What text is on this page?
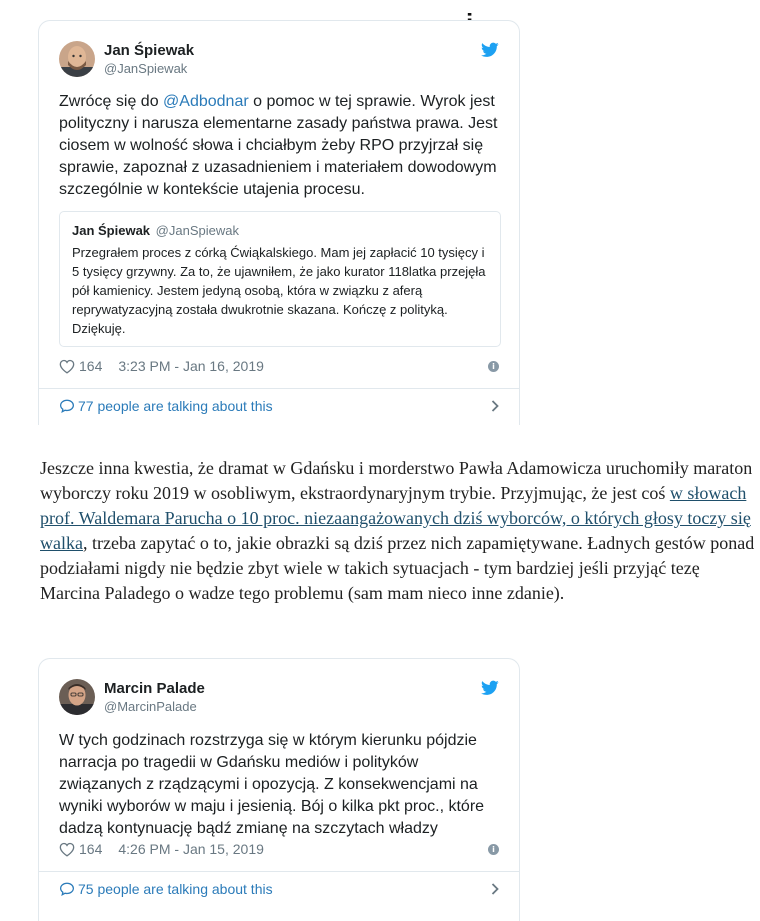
Jan Śpiewak
@JanSpiewak
Zwrócę się do @Adbodnar o pomoc w tej sprawie. Wyrok jest polityczny i narusza elementarne zasady państwa prawa. Jest ciosem w wolność słowa i chciałbym żeby RPO przyjrzał się sprawie, zapoznał z uzasadnieniem i materiałem dowodowym szczególnie w kontekście utajenia procesu.
Jan Śpiewak @JanSpiewak
Przegrałem proces z córką Ćwiąkalskiego. Mam jej zapłacić 10 tysięcy i 5 tysięcy grzywny. Za to, że ujawniłem, że jako kurator 118latka przejęła pół kamienicy. Jestem jedyną osobą, która w związku z aferą reprywatyzacyjną została dwukrotnie skazana. Kończę z polityką. Dziękuję.
164 3:23 PM - Jan 16, 2019	i
77 people are talking about this
Jeszcze inna kwestia, że dramat w Gdańsku i morderstwo Pawła Adamowicza uruchomiły maraton wyborczy roku 2019 w osobliwym, ekstraordynaryjnym trybie. Przyjmując, że jest coś w słowach prof. Waldemara Parucha o 10 proc. niezaangażowanych dziś wyborców, o których głosy toczy się walka, trzeba zapytać o to, jakie obrazki są dziś przez nich zapamiętywane. Ładnych gestów ponad podziałami nigdy nie będzie zbyt wiele w takich sytuacjach - tym bardziej jeśli przyjąć tezę Marcina Paladego o wadze tego problemu (sam mam nieco inne zdanie).
Marcin Palade
@MarcinPalade
W tych godzinach rozstrzyga się w którym kierunku pójdzie narracja po tragedii w Gdańsku mediów i polityków związanych z rządzącymi i opozycją. Z konsekwencjami na wyniki wyborów w maju i jesienią. Bój o kilka pkt proc., które dadzą kontynuację bądź zmianę na szczytach władzy
164 4:26 PM - Jan 15, 2019	i
75 people are talking about this
